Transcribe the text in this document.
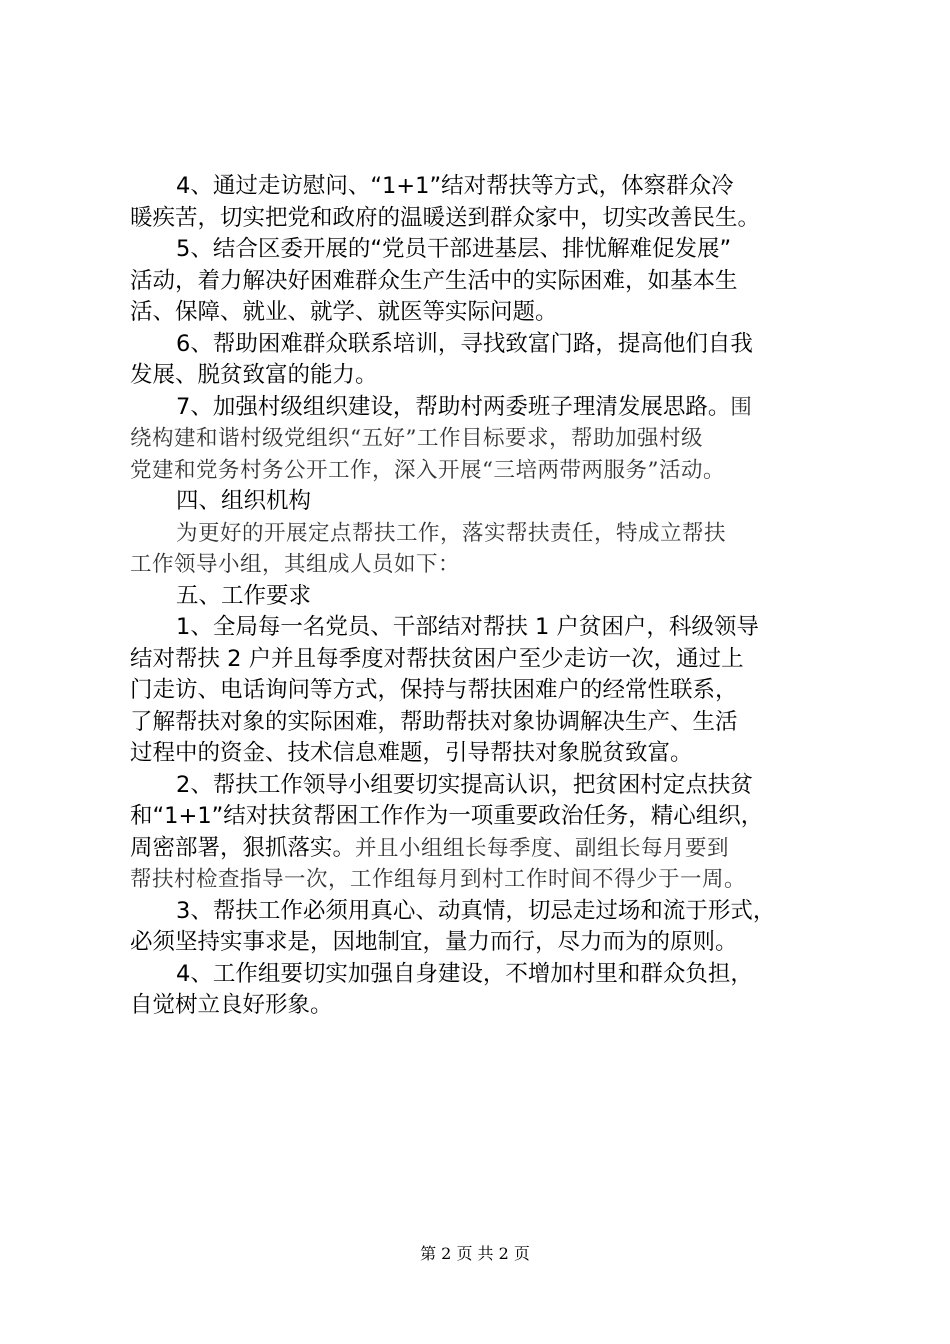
4、通过走访慰问、“1+1”结对帮扶等方式，体察群众冷
暖疾苦，切实把党和政府的温暖送到群众家中，切实改善民生。
5、结合区委开展的“党员干部进基层、排忧解难促发展”
活动，着力解决好困难群众生产生活中的实际困难，如基本生
活、保障、就业、就学、就医等实际问题。
6、帮助困难群众联系培训，寻找致富门路，提高他们自我
发展、脱贫致富的能力。
7、加强村级组织建设，帮助村两委班子理清发展思路。围
绕构建和谐村级党组织“五好”工作目标要求，帮助加强村级
党建和党务村务公开工作，深入开展“三培两带两服务”活动。
四、组织机构
为更好的开展定点帮扶工作，落实帮扶责任，特成立帮扶
工作领导小组，其组成人员如下：
五、工作要求
1、全局每一名党员、干部结对帮扶 1 户贫困户，科级领导
结对帮扶 2 户并且每季度对帮扶贫困户至少走访一次，通过上
门走访、电话询问等方式，保持与帮扶困难户的经常性联系，
了解帮扶对象的实际困难，帮助帮扶对象协调解决生产、生活
过程中的资金、技术信息难题，引导帮扶对象脱贫致富。
2、帮扶工作领导小组要切实提高认识，把贫困村定点扶贫
和“1+1”结对扶贫帮困工作作为一项重要政治任务，精心组织，
周密部署，狠抓落实。并且小组组长每季度、副组长每月要到
帮扶村检查指导一次，工作组每月到村工作时间不得少于一周。
3、帮扶工作必须用真心、动真情，切忌走过场和流于形式，
必须坚持实事求是，因地制宜，量力而行，尽力而为的原则。
4、工作组要切实加强自身建设，不增加村里和群众负担，
自觉树立良好形象。
第 2 页 共 2 页
